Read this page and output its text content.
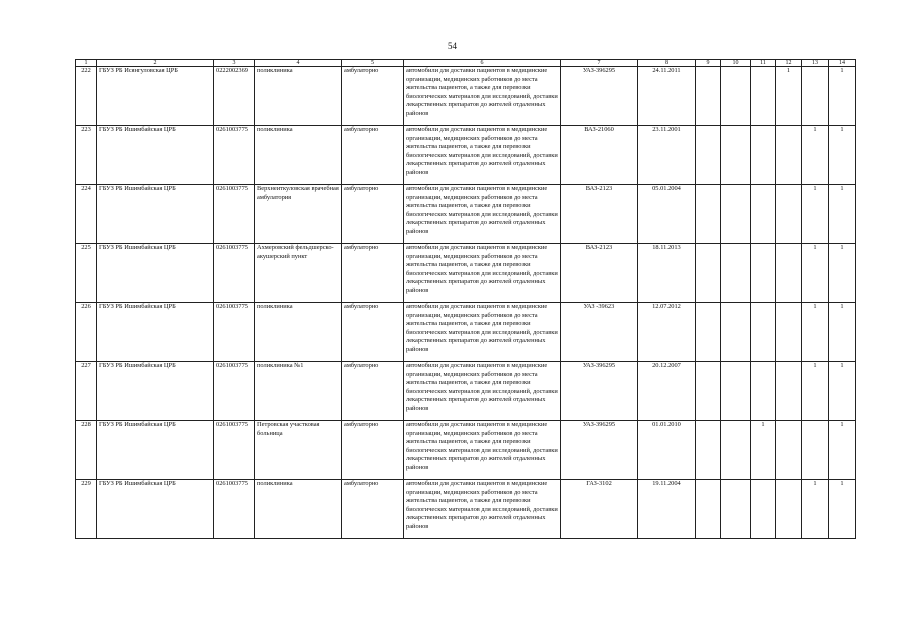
54
1	2	3	4	5	6	7	8	9	10	11	12	13	14
222	ГБУЗ РБ Исянгуловская ЦРБ	0222002369	поликлиника	амбулаторно	автомобили для доставки пациентов в медицинские организации, медицинских работников до места жительства пациентов, а также для перевозки биологических материалов для исследований, доставки лекарственных препаратов до жителей отдаленных районов	УАЗ-396295	24.11.2011				1		1
223	ГБУЗ РБ Ишимбайская ЦРБ	0261003775	поликлиника	амбулаторно	автомобили для доставки пациентов в медицинские организации, медицинских работников до места жительства пациентов, а также для перевозки биологических материалов для исследований, доставки лекарственных препаратов до жителей отдаленных районов	ВАЗ-21060	23.11.2001					1	1
224	ГБУЗ РБ Ишимбайская ЦРБ	0261003775	Верхнеиткуловская врачебная амбулатория	амбулаторно	автомобили для доставки пациентов в медицинские организации, медицинских работников до места жительства пациентов, а также для перевозки биологических материалов для исследований, доставки лекарственных препаратов до жителей отдаленных районов	ВАЗ-2123	05.01.2004					1	1
225	ГБУЗ РБ Ишимбайская ЦРБ	0261003775	Ахмеровский фельдшерско-акушерский пункт	амбулаторно	автомобили для доставки пациентов в медицинские организации, медицинских работников до места жительства пациентов, а также для перевозки биологических материалов для исследований, доставки лекарственных препаратов до жителей отдаленных районов	ВАЗ-2123	18.11.2013					1	1
226	ГБУЗ РБ Ишимбайская ЦРБ	0261003775	поликлиника	амбулаторно	автомобили для доставки пациентов в медицинские организации, медицинских работников до места жительства пациентов, а также для перевозки биологических материалов для исследований, доставки лекарственных препаратов до жителей отдаленных районов	УАЗ -39623	12.07.2012					1	1
227	ГБУЗ РБ Ишимбайская ЦРБ	0261003775	поликлиника №1	амбулаторно	автомобили для доставки пациентов в медицинские организации, медицинских работников до места жительства пациентов, а также для перевозки биологических материалов для исследований, доставки лекарственных препаратов до жителей отдаленных районов	УАЗ-396295	20.12.2007					1	1
228	ГБУЗ РБ Ишимбайская ЦРБ	0261003775	Петровская участковая больница	амбулаторно	автомобили для доставки пациентов в медицинские организации, медицинских работников до места жительства пациентов, а также для перевозки биологических материалов для исследований, доставки лекарственных препаратов до жителей отдаленных районов	УАЗ-396295	01.01.2010			1			1
229	ГБУЗ РБ Ишимбайская ЦРБ	0261003775	поликлиника	амбулаторно	автомобили для доставки пациентов в медицинские организации, медицинских работников до места жительства пациентов, а также для перевозки биологических материалов для исследований, доставки лекарственных препаратов до жителей отдаленных районов	ГАЗ-3102	19.11.2004					1	1
